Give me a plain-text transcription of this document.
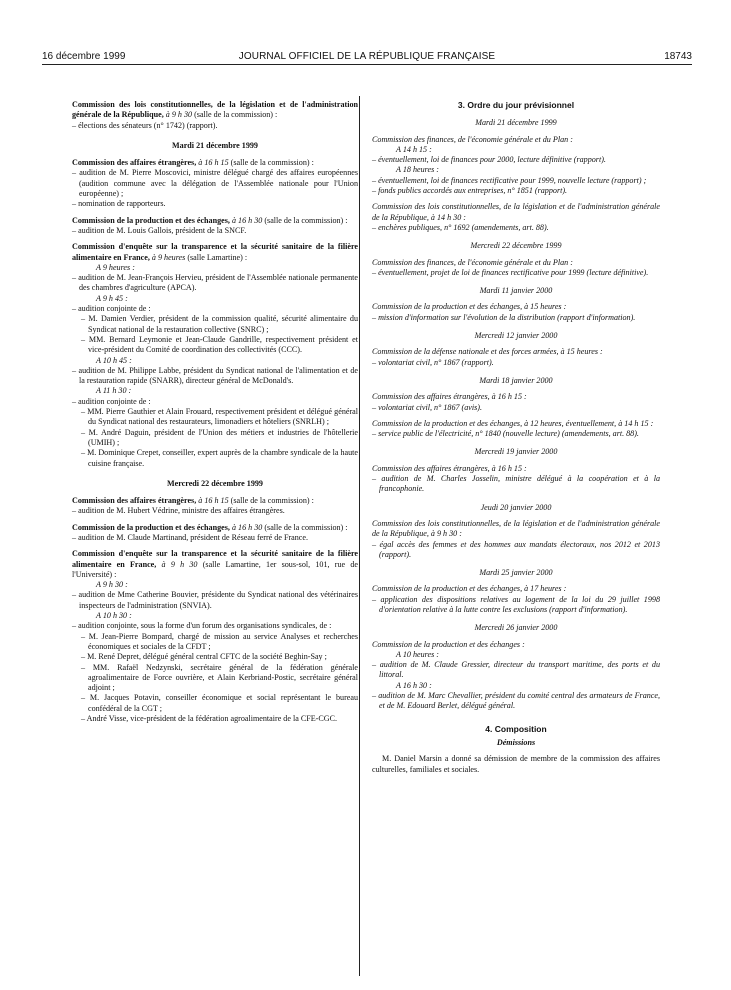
16 décembre 1999	JOURNAL OFFICIEL DE LA RÉPUBLIQUE FRANÇAISE	18743

Commission des lois constitutionnelles, de la législation et de l'administration générale de la République, à 9 h 30 (salle de la commission) :

– élections des sénateurs (n° 1742) (rapport).

Mardi 21 décembre 1999

Commission des affaires étrangères, à 16 h 15 (salle de la commission) :

– audition de M. Pierre Moscovici, ministre délégué chargé des affaires européennes (audition commune avec la délégation de l'Assemblée nationale pour l'Union européenne) ;

– nomination de rapporteurs.

Commission de la production et des échanges, à 16 h 30 (salle de la commission) :

– audition de M. Louis Gallois, président de la SNCF.

Commission d'enquête sur la transparence et la sécurité sanitaire de la filière alimentaire en France, à 9 heures (salle Lamartine) :

A 9 heures :

– audition de M. Jean-François Hervieu, président de l'Assemblée nationale permanente des chambres d'agriculture (APCA).

A 9 h 45 :

– audition conjointe de :

– M. Damien Verdier, président de la commission qualité, sécurité alimentaire du Syndicat national de la restauration collective (SNRC) ;

– MM. Bernard Leymonie et Jean-Claude Gandrille, respectivement président et vice-président du Comité de coordination des collectivités (CCC).

A 10 h 45 :

– audition de M. Philippe Labbe, président du Syndicat national de l'alimentation et de la restauration rapide (SNARR), directeur général de McDonald's.

A 11 h 30 :

– audition conjointe de :

– MM. Pierre Gauthier et Alain Frouard, respectivement président et délégué général du Syndicat national des restaurateurs, limonadiers et hôteliers (SNRLH) ;

– M. André Daguin, président de l'Union des métiers et industries de l'hôtellerie (UMIH) ;

– M. Dominique Crepet, conseiller, expert auprès de la chambre syndicale de la haute cuisine française.

Mercredi 22 décembre 1999

Commission des affaires étrangères, à 16 h 15 (salle de la commission) :

– audition de M. Hubert Védrine, ministre des affaires étrangères.

Commission de la production et des échanges, à 16 h 30 (salle de la commission) :

– audition de M. Claude Martinand, président de Réseau ferré de France.

Commission d'enquête sur la transparence et la sécurité sanitaire de la filière alimentaire en France, à 9 h 30 (salle Lamartine, 1er sous-sol, 101, rue de l'Université) :

A 9 h 30 :

– audition de Mme Catherine Bouvier, présidente du Syndicat national des vétérinaires inspecteurs de l'administration (SNVIA).

A 10 h 30 :

– audition conjointe, sous la forme d'un forum des organisations syndicales, de :

– M. Jean-Pierre Bompard, chargé de mission au service Analyses et recherches économiques et sociales de la CFDT ;

– M. René Depret, délégué général central CFTC de la société Beghin-Say ;

– MM. Rafaël Nedzynski, secrétaire général de la fédération générale agroalimentaire de Force ouvrière, et Alain Kerbriand-Postic, secrétaire général adjoint ;

– M. Jacques Potavin, conseiller économique et social représentant le bureau confédéral de la CGT ;

– André Visse, vice-président de la fédération agroalimentaire de la CFE-CGC.

3. Ordre du jour prévisionnel

Mardi 21 décembre 1999

Commission des finances, de l'économie générale et du Plan :

A 14 h 15 :

– éventuellement, loi de finances pour 2000, lecture définitive (rapport).

A 18 heures :

– éventuellement, loi de finances rectificative pour 1999, nouvelle lecture (rapport) ;

– fonds publics accordés aux entreprises, n° 1851 (rapport).

Commission des lois constitutionnelles, de la législation et de l'administration générale de la République, à 14 h 30 :

– enchères publiques, n° 1692 (amendements, art. 88).

Mercredi 22 décembre 1999

Commission des finances, de l'économie générale et du Plan :

– éventuellement, projet de loi de finances rectificative pour 1999 (lecture définitive).

Mardi 11 janvier 2000

Commission de la production et des échanges, à 15 heures :

– mission d'information sur l'évolution de la distribution (rapport d'information).

Mercredi 12 janvier 2000

Commission de la défense nationale et des forces armées, à 15 heures :

– volontariat civil, n° 1867 (rapport).

Mardi 18 janvier 2000

Commission des affaires étrangères, à 16 h 15 :

– volontariat civil, n° 1867 (avis).

Commission de la production et des échanges, à 12 heures, éventuellement, à 14 h 15 :

– service public de l'électricité, n° 1840 (nouvelle lecture) (amendements, art. 88).

Mercredi 19 janvier 2000

Commission des affaires étrangères, à 16 h 15 :

– audition de M. Charles Josselin, ministre délégué à la coopération et à la francophonie.

Jeudi 20 janvier 2000

Commission des lois constitutionnelles, de la législation et de l'administration générale de la République, à 9 h 30 :

– égal accès des femmes et des hommes aux mandats électoraux, nos 2012 et 2013 (rapport).

Mardi 25 janvier 2000

Commission de la production et des échanges, à 17 heures :

– application des dispositions relatives au logement de la loi du 29 juillet 1998 d'orientation relative à la lutte contre les exclusions (rapport d'information).

Mercredi 26 janvier 2000

Commission de la production et des échanges :

A 10 heures :

– audition de M. Claude Gressier, directeur du transport maritime, des ports et du littoral.

A 16 h 30 :

– audition de M. Marc Chevallier, président du comité central des armateurs de France, et de M. Edouard Berlet, délégué général.

4. Composition

Démissions

M. Daniel Marsin a donné sa démission de membre de la commission des affaires culturelles, familiales et sociales.
